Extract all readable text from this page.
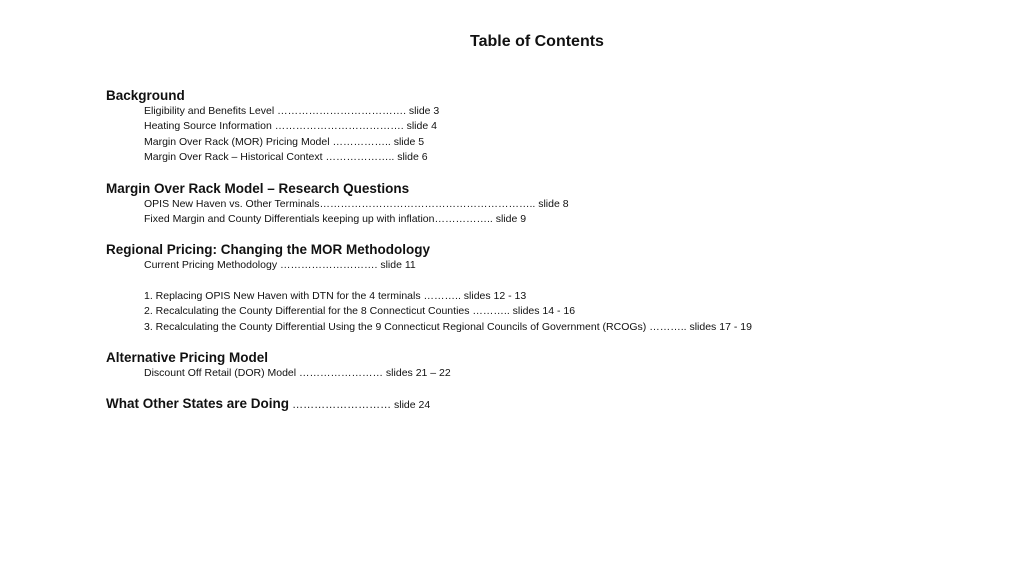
Table of Contents
Background
Eligibility and Benefits Level ………………………………. slide 3
Heating Source Information ………………………………. slide 4
Margin Over Rack (MOR) Pricing Model …………….. slide 5
Margin Over Rack – Historical Context ……………….. slide 6
Margin Over Rack Model – Research Questions
OPIS New Haven vs. Other Terminals…………………………………………………….. slide 8
Fixed Margin and County Differentials keeping up with inflation…………….. slide 9
Regional Pricing: Changing the MOR Methodology
Current Pricing Methodology ………………………. slide 11
1. Replacing OPIS New Haven with DTN for the 4 terminals ……….. slides 12 - 13
2. Recalculating the County Differential for the 8 Connecticut Counties ……….. slides 14 - 16
3. Recalculating the County Differential Using the 9 Connecticut Regional Councils of Government (RCOGs) ……….. slides 17 - 19
Alternative Pricing Model
Discount Off Retail (DOR) Model …………………… slides 21 – 22
What Other States are Doing ……………………… slide 24
